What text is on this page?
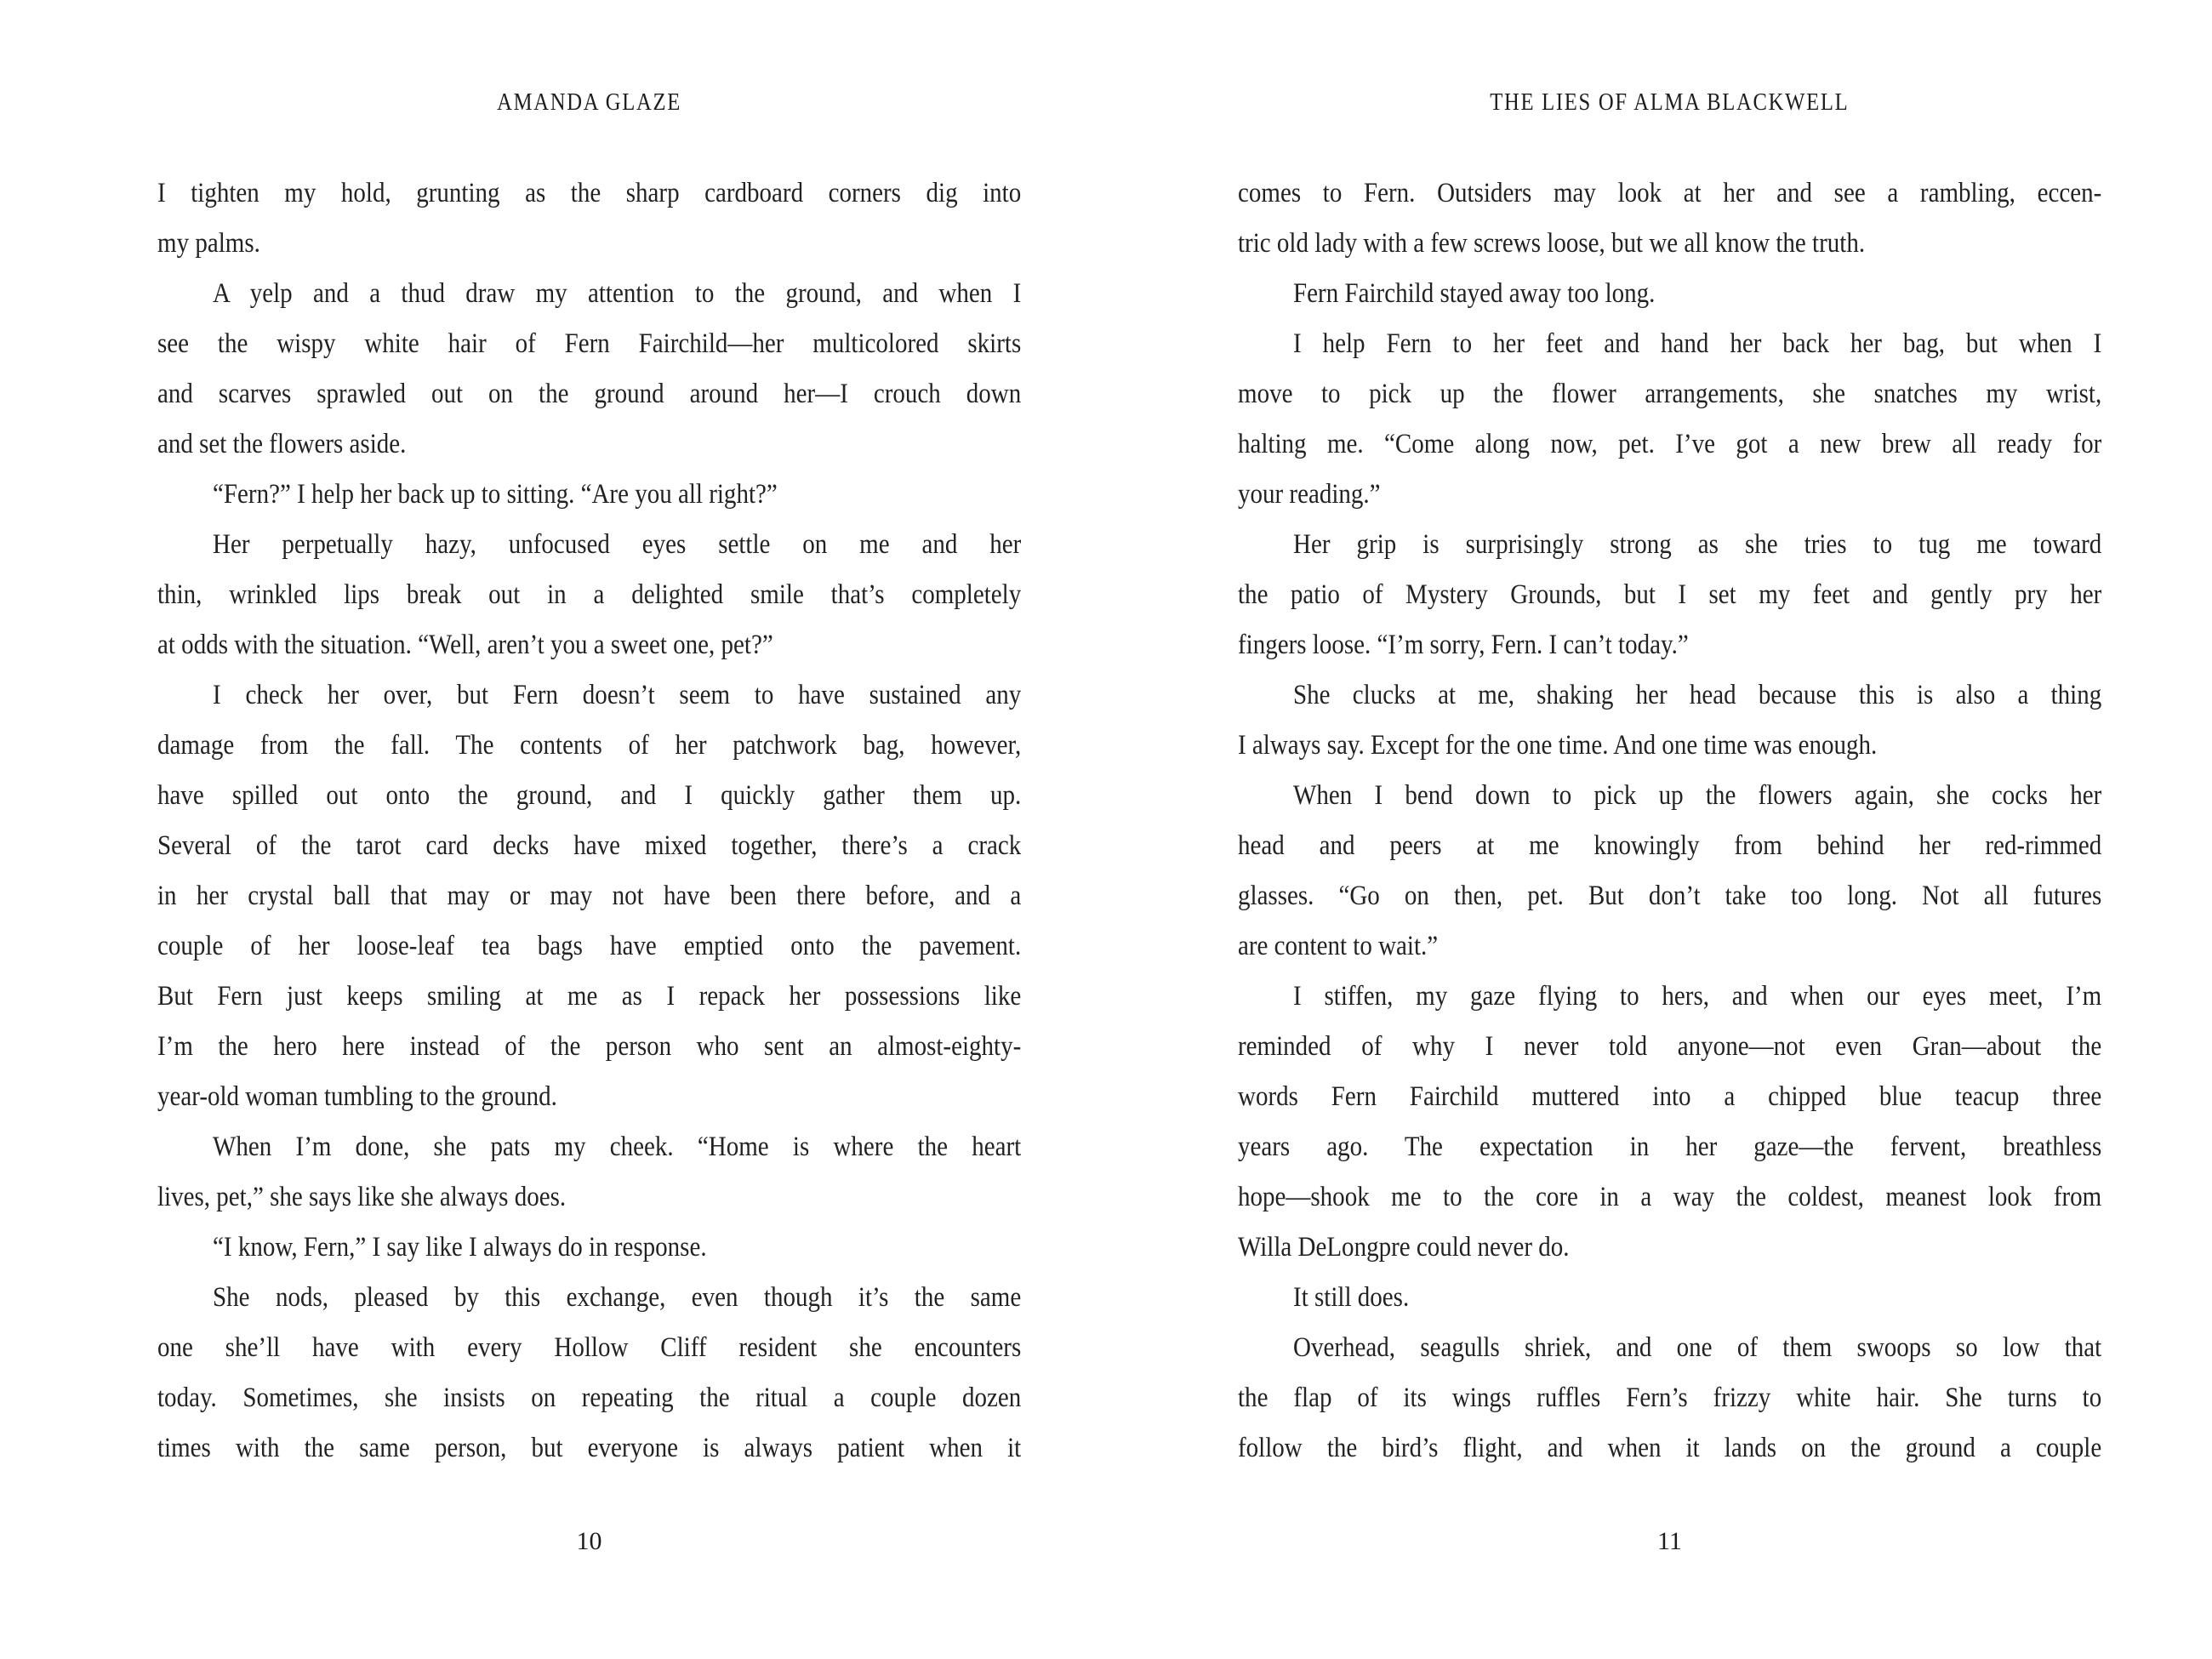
AMANDA GLAZE
I tighten my hold, grunting as the sharp cardboard corners dig into
my palms.
A yelp and a thud draw my attention to the ground, and when I
see the wispy white hair of Fern Fairchild—her multicolored skirts
and scarves sprawled out on the ground around her—I crouch down
and set the flowers aside.
“Fern?” I help her back up to sitting. “Are you all right?”
Her perpetually hazy, unfocused eyes settle on me and her
thin, wrinkled lips break out in a delighted smile that’s completely
at odds with the situation. “Well, aren’t you a sweet one, pet?”
I check her over, but Fern doesn’t seem to have sustained any
damage from the fall. The contents of her patchwork bag, however,
have spilled out onto the ground, and I quickly gather them up.
Several of the tarot card decks have mixed together, there’s a crack
in her crystal ball that may or may not have been there before, and a
couple of her loose-leaf tea bags have emptied onto the pavement.
But Fern just keeps smiling at me as I repack her possessions like
I’m the hero here instead of the person who sent an almost-eighty-
year-old woman tumbling to the ground.
When I’m done, she pats my cheek. “Home is where the heart
lives, pet,” she says like she always does.
“I know, Fern,” I say like I always do in response.
She nods, pleased by this exchange, even though it’s the same
one she’ll have with every Hollow Cliff resident she encounters
today. Sometimes, she insists on repeating the ritual a couple dozen
times with the same person, but everyone is always patient when it
10
THE LIES OF ALMA BLACKWELL
comes to Fern. Outsiders may look at her and see a rambling, eccen-
tric old lady with a few screws loose, but we all know the truth.
Fern Fairchild stayed away too long.
I help Fern to her feet and hand her back her bag, but when I
move to pick up the flower arrangements, she snatches my wrist,
halting me. “Come along now, pet. I’ve got a new brew all ready for
your reading.”
Her grip is surprisingly strong as she tries to tug me toward
the patio of Mystery Grounds, but I set my feet and gently pry her
fingers loose. “I’m sorry, Fern. I can’t today.”
She clucks at me, shaking her head because this is also a thing
I always say. Except for the one time. And one time was enough.
When I bend down to pick up the flowers again, she cocks her
head and peers at me knowingly from behind her red-rimmed
glasses. “Go on then, pet. But don’t take too long. Not all futures
are content to wait.”
I stiffen, my gaze flying to hers, and when our eyes meet, I’m
reminded of why I never told anyone—not even Gran—about the
words Fern Fairchild muttered into a chipped blue teacup three
years ago. The expectation in her gaze—the fervent, breathless
hope—shook me to the core in a way the coldest, meanest look from
Willa DeLongpre could never do.
It still does.
Overhead, seagulls shriek, and one of them swoops so low that
the flap of its wings ruffles Fern’s frizzy white hair. She turns to
follow the bird’s flight, and when it lands on the ground a couple
11
